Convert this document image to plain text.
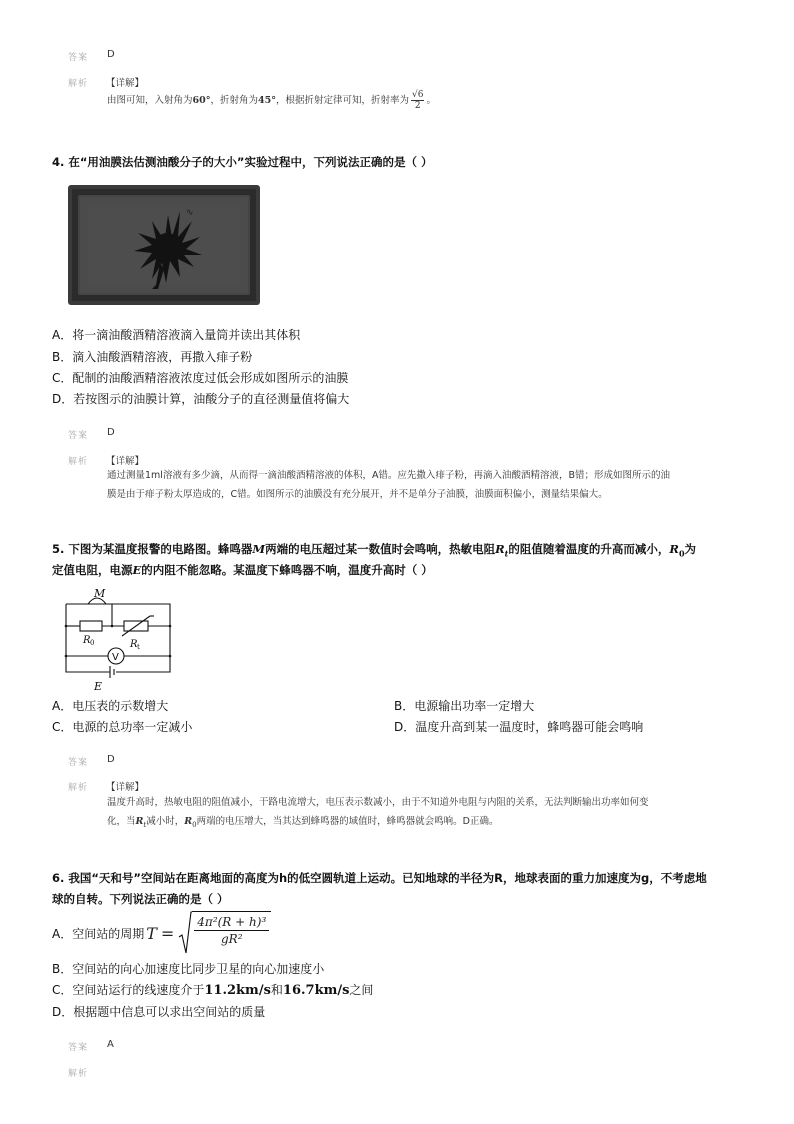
答案 D
解析 【详解】
由图可知，入射角为60°，折射角为45°，根据折射定律可知，折射率为 $\frac{√6}{2}$ 。
4. 在“用油膜法估测油酸分子的大小”实验过程中，下列说法正确的是（ ）
∿
A．将一滴油酸酒精溶液滴入量筒并读出其体积
B．滴入油酸酒精溶液，再撒入痱子粉
C．配制的油酸酒精溶液浓度过低会形成如图所示的油膜
D．若按图示的油膜计算，油酸分子的直径测量值将偏大
答案 D
解析 【详解】
通过测量1ml溶液有多少滴，从而得一滴油酸酒精溶液的体积，A错。应先撒入痱子粉，再滴入油酸酒精溶液，B错；形成如图所示的油
膜是由于痱子粉太厚造成的，C错。如图所示的油膜没有充分展开，并不是单分子油膜，油膜面积偏小，测量结果偏大。
5. 下图为某温度报警的电路图。蜂鸣器M两端的电压超过某一数值时会鸣响，热敏电阻$R_t$的阻值随着温度的升高而减小，$R_0$为
定值电阻，电源E的内阻不能忽略。某温度下蜂鸣器不响，温度升高时（ ）
M
R 0	R t
V
E
A．电压表的示数增大	B．电源输出功率一定增大
C．电源的总功率一定减小	D．温度升高到某一温度时，蜂鸣器可能会鸣响
答案 D
解析 【详解】
温度升高时，热敏电阻的阻值减小，干路电流增大，电压表示数减小，由于不知道外电阻与内阻的关系，无法判断输出功率如何变
化，当$R_t$减小时，$R_0$两端的电压增大，当其达到蜂鸣器的域值时，蜂鸣器就会鸣响。D正确。
6. 我国“天和号”空间站在距离地面的高度为h的低空圆轨道上运动。已知地球的半径为R，地球表面的重力加速度为g，不考虑地
球的自转。下列说法正确的是（ ）
A．空间站的周期 $T = \frac{\text{4π²(R + h)³}}{\text{gR²}}$
B．空间站的向心加速度比同步卫星的向心加速度小
C．空间站运行的线速度介于11.2km/s和16.7km/s之间
D．根据题中信息可以求出空间站的质量
答案 A
解析
